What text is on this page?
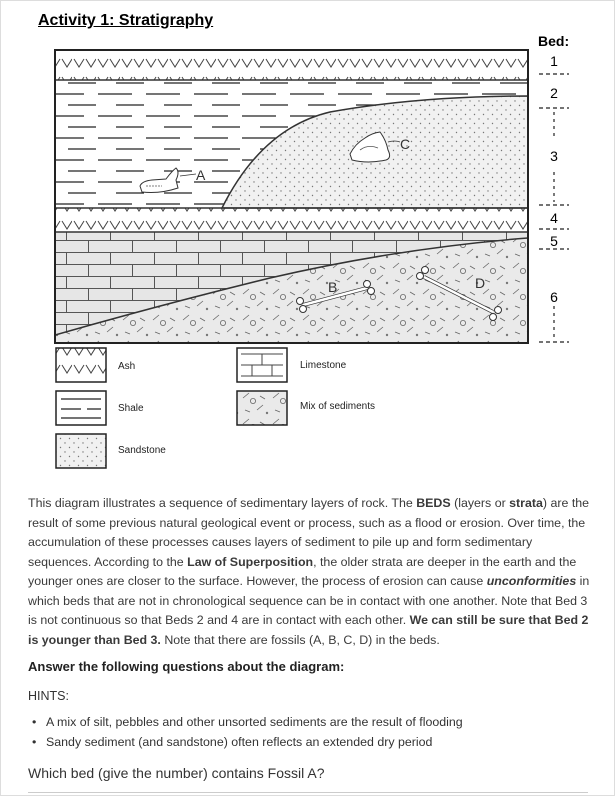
Activity 1: Stratigraphy
A
C
B	D
Bed:
1
2
3
4
5
6
Ash
Shale
Sandstone
Limestone
Mix of sediments

This diagram illustrates a sequence of sedimentary layers of rock. The BEDS (layers or strata) are the result of some previous natural geological event or process, such as a flood or erosion. Over time, the accumulation of these processes causes layers of sediment to pile up and form sedimentary sequences. According to the Law of Superposition, the older strata are deeper in the earth and the younger ones are closer to the surface. However, the process of erosion can cause unconformities in which beds that are not in chronological sequence can be in contact with one another. Note that Bed 3 is not continuous so that Beds 2 and 4 are in contact with each other. We can still be sure that Bed 2 is younger than Bed 3. Note that there are fossils (A, B, C, D) in the beds.

Answer the following questions about the diagram:

HINTS:

• A mix of silt, pebbles and other unsorted sediments are the result of flooding
• Sandy sediment (and sandstone) often reflects an extended dry period

Which bed (give the number) contains Fossil A?
